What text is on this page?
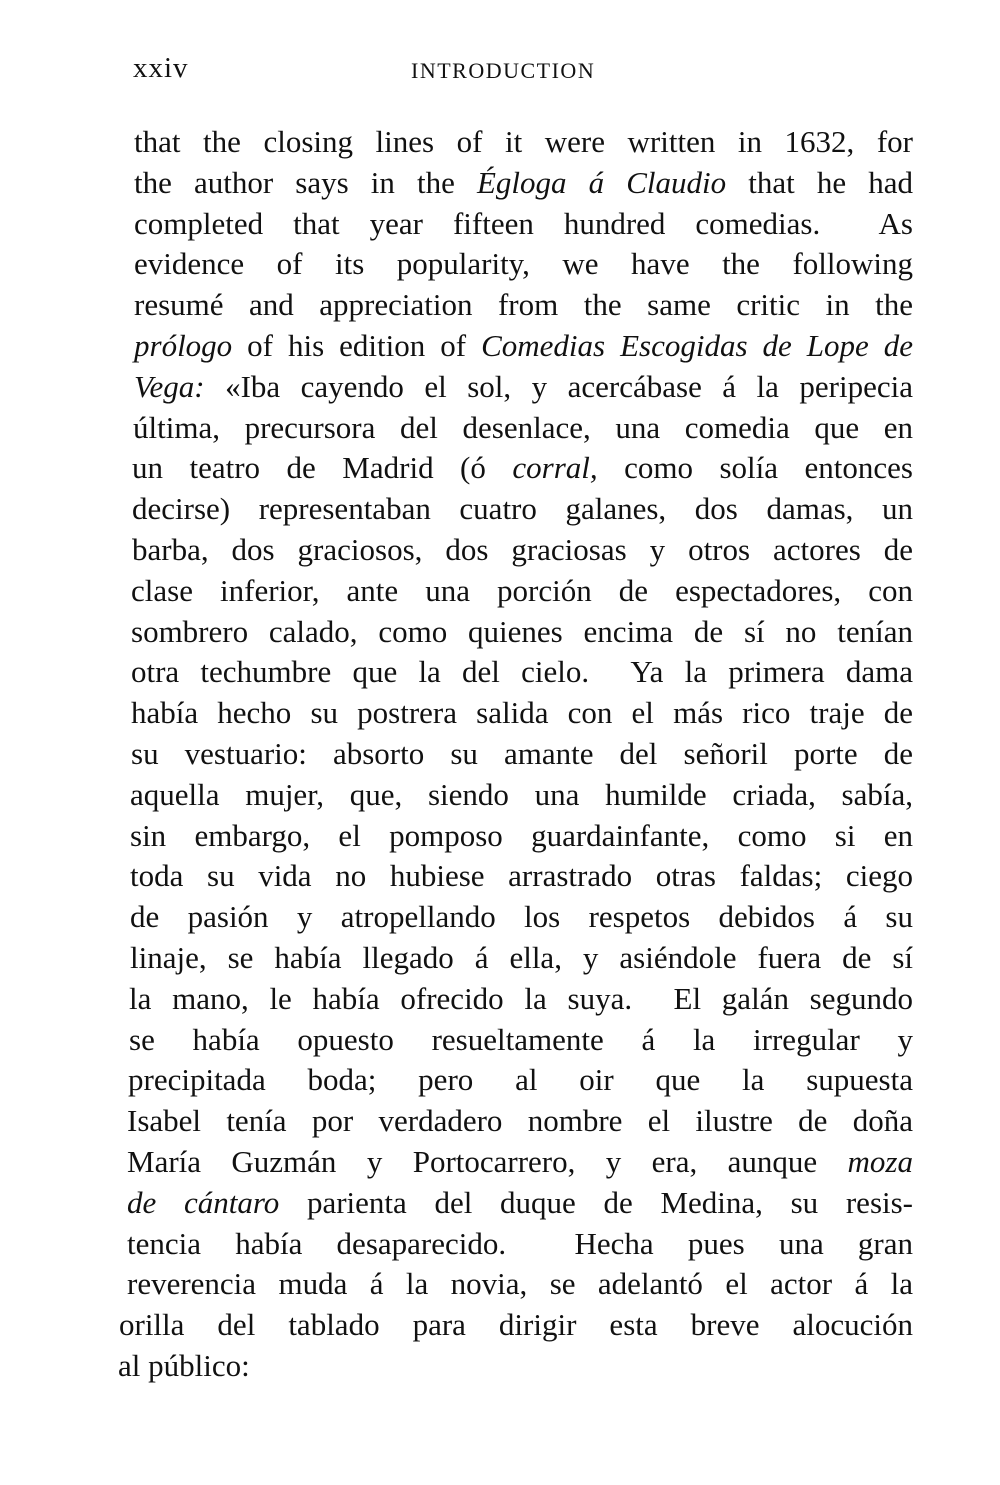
xxiv	INTRODUCTION
that the closing lines of it were written in 1632, for
the author says in the Égloga á Claudio that he had
completed that year fifteen hundred comedias.  As
evidence of its popularity, we have the following
resumé and appreciation from the same critic in the
prólogo of his edition of Comedias Escogidas de Lope de
Vega: «Iba cayendo el sol, y acercábase á la peripecia
última, precursora del desenlace, una comedia que en
un teatro de Madrid (ó corral, como solía entonces
decirse) representaban cuatro galanes, dos damas, un
barba, dos graciosos, dos graciosas y otros actores de
clase inferior, ante una porción de espectadores, con
sombrero calado, como quienes encima de sí no tenían
otra techumbre que la del cielo.  Ya la primera dama
había hecho su postrera salida con el más rico traje de
su vestuario: absorto su amante del señoril porte de
aquella mujer, que, siendo una humilde criada, sabía,
sin embargo, el pomposo guardainfante, como si en
toda su vida no hubiese arrastrado otras faldas; ciego
de pasión y atropellando los respetos debidos á su
linaje, se había llegado á ella, y asiéndole fuera de sí
la mano, le había ofrecido la suya.  El galán segundo
se había opuesto resueltamente á la irregular y
precipitada boda; pero al oir que la supuesta
Isabel tenía por verdadero nombre el ilustre de doña
María Guzmán y Portocarrero, y era, aunque moza
de cántaro parienta del duque de Medina, su resis-
tencia había desaparecido.  Hecha pues una gran
reverencia muda á la novia, se adelantó el actor á la
orilla del tablado para dirigir esta breve alocución
al público:
